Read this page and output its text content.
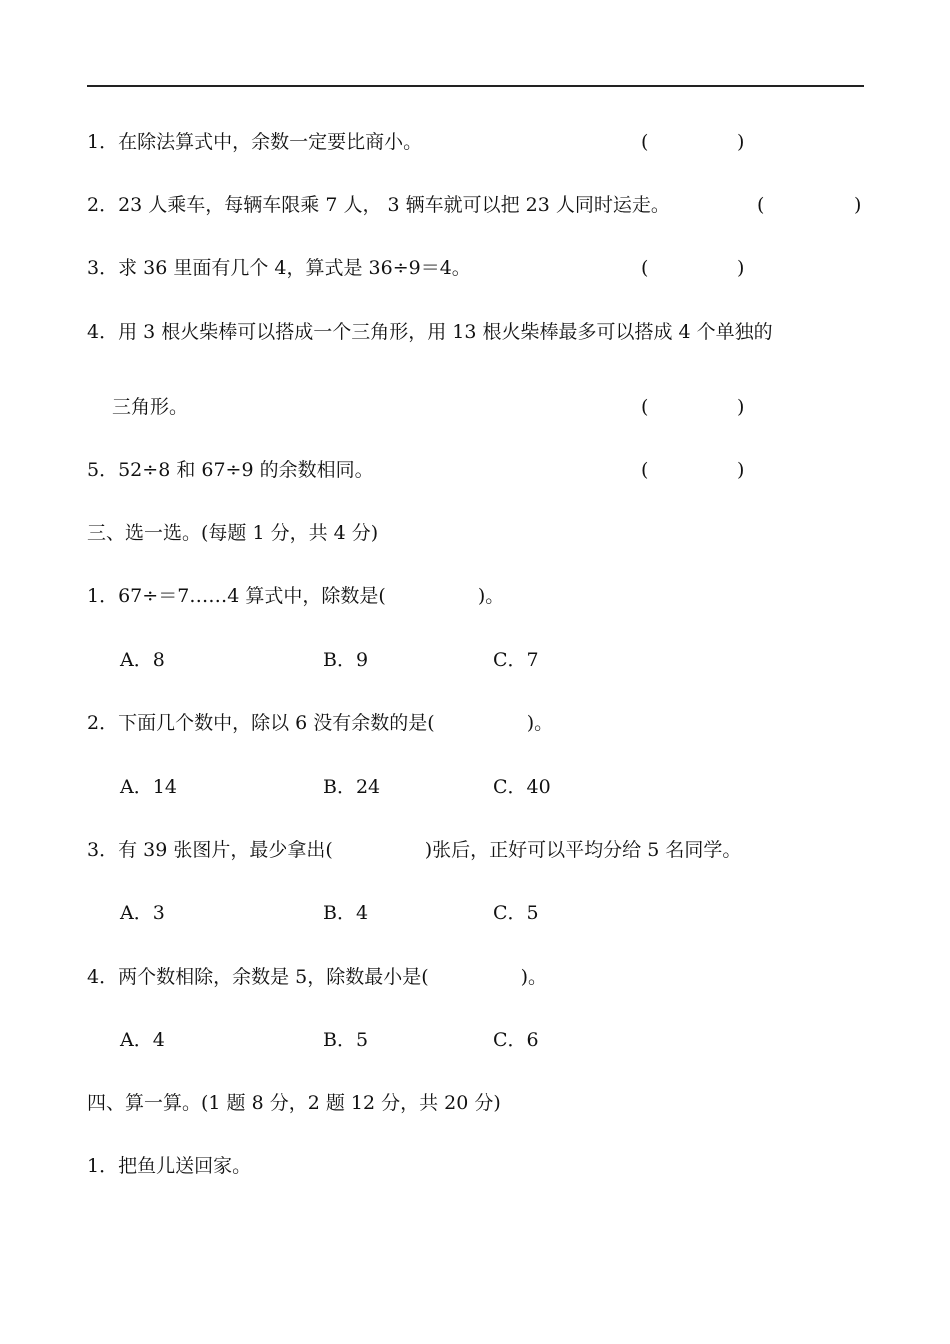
1．在除法算式中，余数一定要比商小。	(	)
2．23 人乘车，每辆车限乘 7 人， 3 辆车就可以把 23 人同时运走。	(	)
3．求 36 里面有几个 4，算式是 36÷9＝4。	(	)
4．用 3 根火柴棒可以搭成一个三角形，用 13 根火柴棒最多可以搭成 4 个单独的
三角形。	(	)
5．52÷8 和 67÷9 的余数相同。	(	)
三、选一选。(每题 1 分，共 4 分)
1．67÷＝7……4 算式中，除数是(	)。
A．8	B．9	C．7
2．下面几个数中，除以 6 没有余数的是(	)。
A．14	B．24	C．40
3．有 39 张图片，最少拿出(	)张后，正好可以平均分给 5 名同学。
A．3	B．4	C．5
4．两个数相除，余数是 5，除数最小是(	)。
A．4	B．5	C．6
四、算一算。(1 题 8 分，2 题 12 分，共 20 分)
1．把鱼儿送回家。
